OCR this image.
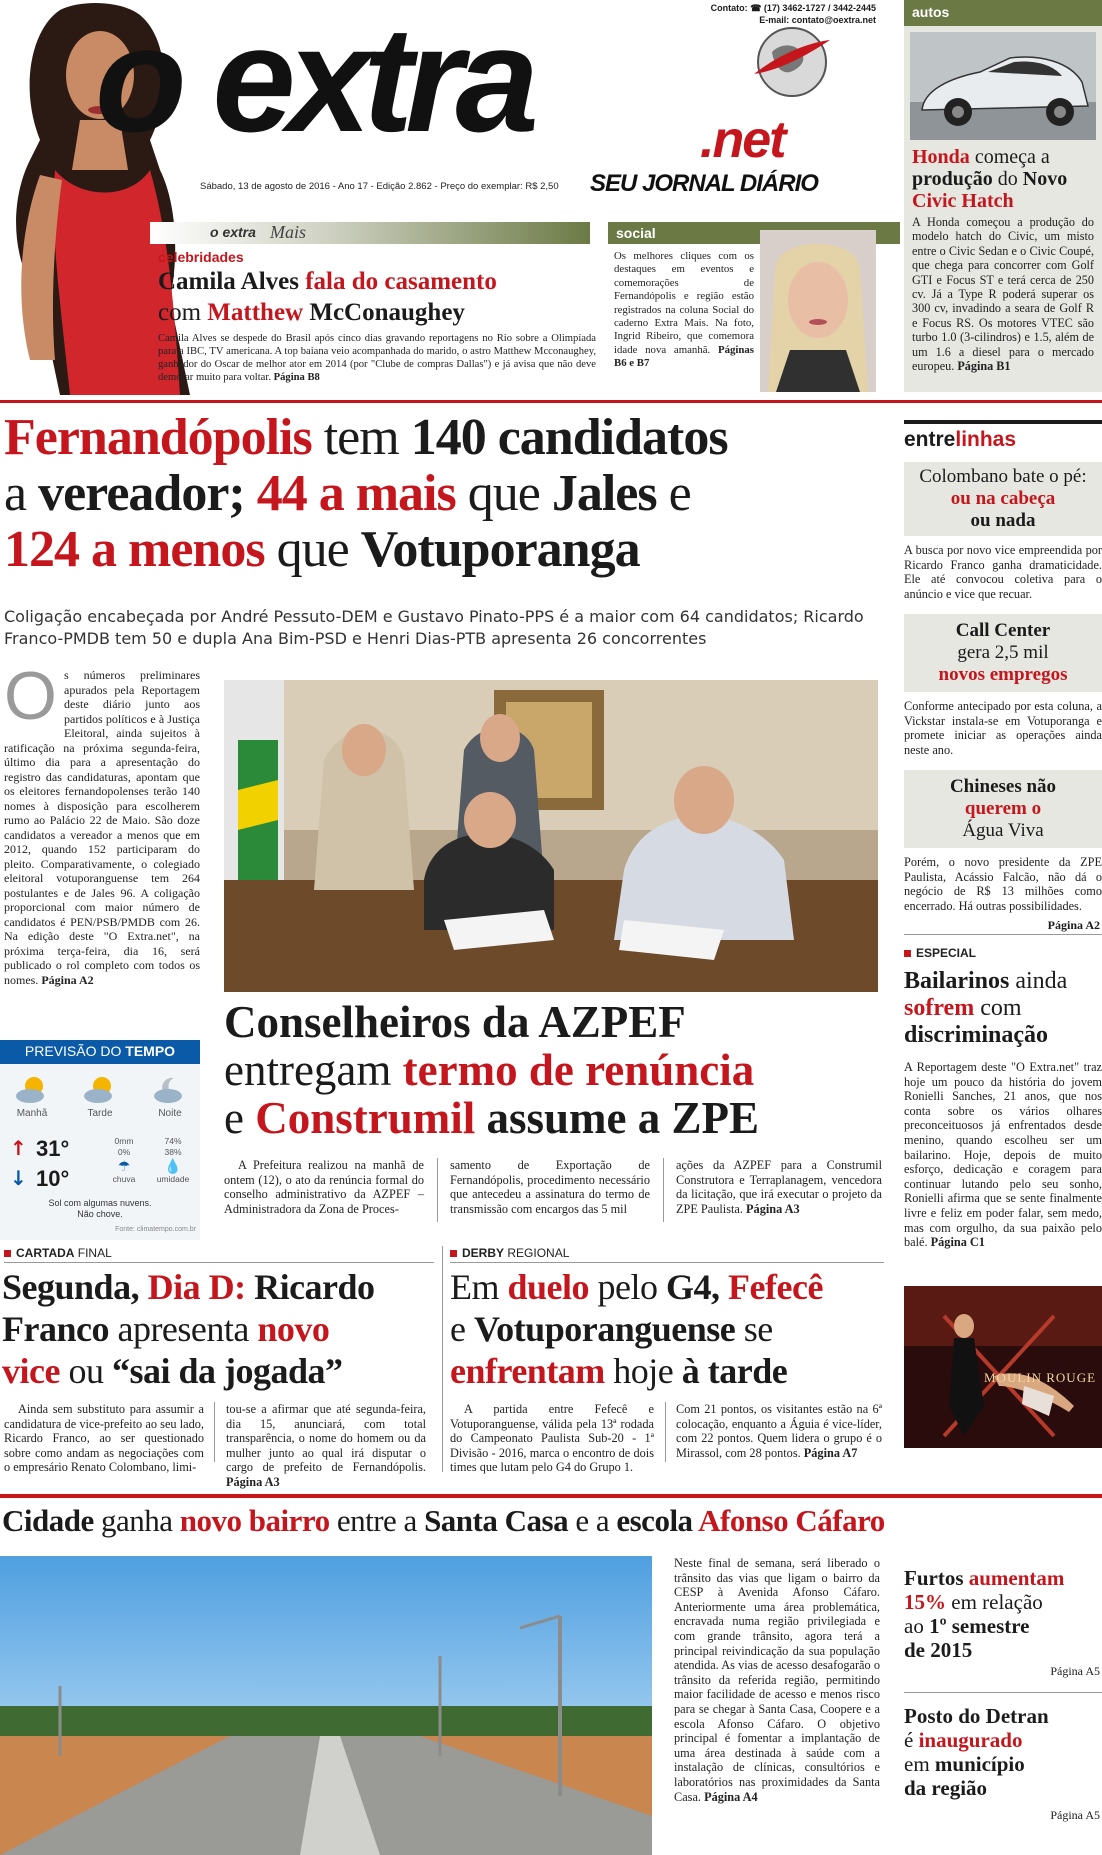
o extra	.net
SEU JORNAL DIÁRIO
Contato: ☎ (17) 3462-1727 / 3442-2445
E-mail: contato@oextra.net
Sábado, 13 de agosto de 2016 - Ano 17 - Edição 2.862 - Preço do exemplar: R$ 2,50
autos
Honda começa a produção do Novo Civic Hatch
A Honda começou a produção do modelo hatch do Civic, um misto entre o Civic Sedan e o Civic Coupé, que chega para concorrer com Golf GTI e Focus ST e terá cerca de 250 cv. Já a Type R poderá superar os 300 cv, invadindo a seara de Golf R e Focus RS. Os motores VTEC são turbo 1.0 (3-cilindros) e 1.5, além de um 1.6 a diesel para o mercado europeu. Página B1
o extra Mais
celebridades
Camila Alves fala do casamento
com Matthew McConaughey
Camila Alves se despede do Brasil após cinco dias gravando reportagens no Rio sobre a Olimpíada para a IBC, TV americana. A top baiana veio acompanhada do marido, o astro Matthew Mcconaughey, ganhador do Oscar de melhor ator em 2014 (por "Clube de compras Dallas") e já avisa que não deve demorar muito para voltar. Página B8
social
Os melhores cliques com os destaques em eventos e comemorações de Fernandópolis e região estão registrados na coluna Social do caderno Extra Mais. Na foto, Ingrid Ribeiro, que comemora idade nova amanhã. Páginas B6 e B7
Fernandópolis tem 140 candidatos
a vereador; 44 a mais que Jales e
124 a menos que Votuporanga
Coligação encabeçada por André Pessuto-DEM e Gustavo Pinato-PPS é a maior com 64 candidatos; Ricardo Franco-PMDB tem 50 e dupla Ana Bim-PSD e Henri Dias-PTB apresenta 26 concorrentes
O s números preliminares apurados pela Reportagem deste diário junto aos partidos políticos e à Justiça Eleitoral, ainda sujeitos à ratificação na próxima segunda-feira, último dia para a apresentação do registro das candidaturas, apontam que os eleitores fernandopolenses terão 140 nomes à disposição para escolherem rumo ao Palácio 22 de Maio. São doze candidatos a vereador a menos que em 2012, quando 152 participaram do pleito. Comparativamente, o colegiado eleitoral votuporanguense tem 264 postulantes e de Jales 96. A coligação proporcional com maior número de candidatos é PEN/PSB/PMDB com 26. Na edição deste "O Extra.net", na próxima terça-feira, dia 16, será publicado o rol completo com todos os nomes. Página A2
Conselheiros da AZPEF
entregam termo de renúncia
e Construmil assume a ZPE
A Prefeitura realizou na manhã de ontem (12), o ato da renúncia formal do conselho administrativo da AZPEF – Administradora da Zona de Proces-
samento de Exportação de Fernandópolis, procedimento necessário que antecedeu a assinatura do termo de transmissão com encargos das 5 mil
ações da AZPEF para a Construmil Construtora e Terraplanagem, vencedora da licitação, que irá executar o projeto da ZPE Paulista. Página A3
PREVISÃO DO TEMPO
Manhã	Tarde	Noite
↑ 31°
↓ 10°
0mm
0%
☂
chuva
74%
38%
💧
umidade
Sol com algumas nuvens.
Não chove.
Fonte: climatempo.com.br
entrelinhas
Colombano bate o pé:
ou na cabeça
ou nada
A busca por novo vice empreendida por Ricardo Franco ganha dramaticidade. Ele até convocou coletiva para o anúncio e vice que recuar.
Call Center
gera 2,5 mil
novos empregos
Conforme antecipado por esta coluna, a Vickstar instala-se em Votuporanga e promete iniciar as operações ainda neste ano.
Chineses não
querem o
Água Viva
Porém, o novo presidente da ZPE Paulista, Acássio Falcão, não dá o negócio de R$ 13 milhões como encerrado. Há outras possibilidades.
Página A2
ESPECIAL
Bailarinos ainda
sofrem com
discriminação
A Reportagem deste "O Extra.net" traz hoje um pouco da história do jovem Ronielli Sanches, 21 anos, que nos conta sobre os vários olhares preconceituosos já enfrentados desde menino, quando escolheu ser um bailarino. Hoje, depois de muito esforço, dedicação e coragem para continuar lutando pelo seu sonho, Ronielli afirma que se sente finalmente livre e feliz em poder falar, sem medo, mas com orgulho, da sua paixão pelo balé. Página C1
MOULIN ROUGE
CARTADA FINAL
Segunda, Dia D: Ricardo
Franco apresenta novo
vice ou “sai da jogada”
Ainda sem substituto para assumir a candidatura de vice-prefeito ao seu lado, Ricardo Franco, ao ser questionado sobre como andam as negociações com o empresário Renato Colombano, limi-
tou-se a afirmar que até segunda-feira, dia 15, anunciará, com total transparência, o nome do homem ou da mulher junto ao qual irá disputar o cargo de prefeito de Fernandópolis. Página A3
DERBY REGIONAL
Em duelo pelo G4, Fefecê
e Votuporanguense se
enfrentam hoje à tarde
A partida entre Fefecê e Votuporanguense, válida pela 13ª rodada do Campeonato Paulista Sub-20 - 1ª Divisão - 2016, marca o encontro de dois times que lutam pelo G4 do Grupo 1.
Com 21 pontos, os visitantes estão na 6ª colocação, enquanto a Águia é vice-líder, com 22 pontos. Quem lidera o grupo é o Mirassol, com 28 pontos. Página A7
Cidade ganha novo bairro entre a Santa Casa e a escola Afonso Cáfaro
Neste final de semana, será liberado o trânsito das vias que ligam o bairro da CESP à Avenida Afonso Cáfaro. Anteriormente uma área problemática, encravada numa região privilegiada e com grande trânsito, agora terá a principal reivindicação da sua população atendida. As vias de acesso desafogarão o trânsito da referida região, permitindo maior facilidade de acesso e menos risco para se chegar à Santa Casa, Coopere e a escola Afonso Cáfaro. O objetivo principal é fomentar a implantação de uma área destinada à saúde com a instalação de clínicas, consultórios e laboratórios nas proximidades da Santa Casa. Página A4
Furtos aumentam
15% em relação
ao 1º semestre
de 2015
Página A5
Posto do Detran
é inaugurado
em município
da região
Página A5
